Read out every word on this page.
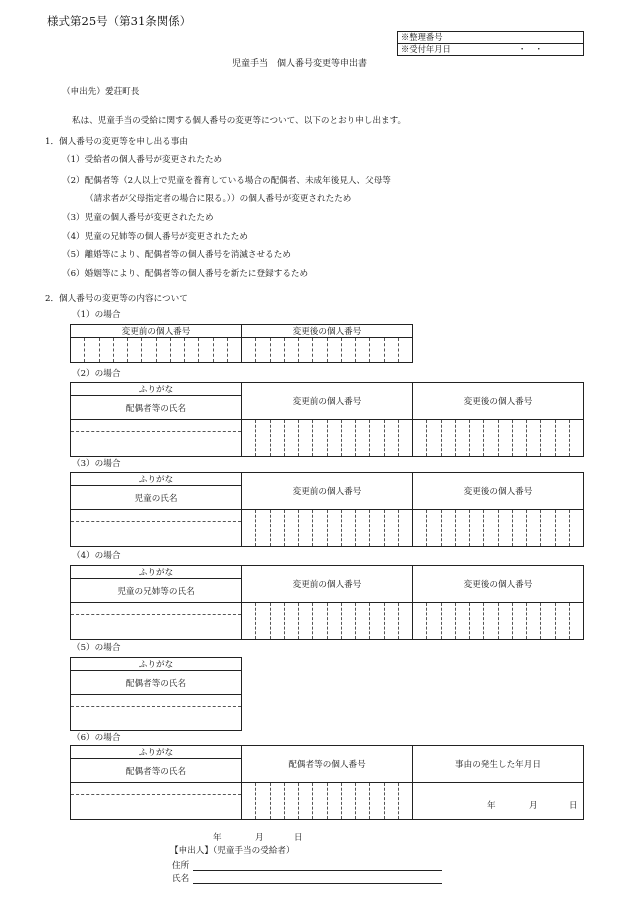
様式第25号（第31条関係）
※整理番号
※受付年月日	・　・
児童手当　個人番号変更等申出書
（申出先）愛荘町長
私は、児童手当の受給に関する個人番号の変更等について、以下のとおり申し出ます。
1．個人番号の変更等を申し出る事由
（1）受給者の個人番号が変更されたため
（2）配偶者等（2人以上で児童を養育している場合の配偶者、未成年後見人、父母等
（請求者が父母指定者の場合に限る。））の個人番号が変更されたため
（3）児童の個人番号が変更されたため
（4）児童の兄姉等の個人番号が変更されたため
（5）離婚等により、配偶者等の個人番号を消滅させるため
（6）婚姻等により、配偶者等の個人番号を新たに登録するため
2．個人番号の変更等の内容について
（1）の場合
変更前の個人番号	変更後の個人番号

（2）の場合
ふりがな	変更前の個人番号	変更後の個人番号
配偶者等の氏名		

（3）の場合
ふりがな	変更前の個人番号	変更後の個人番号
児童の氏名		

（4）の場合
ふりがな	変更前の個人番号	変更後の個人番号
児童の兄姉等の氏名		

（5）の場合
ふりがな
配偶者等の氏名

（6）の場合
ふりがな	配偶者等の個人番号	事由の発生した年月日
配偶者等の氏名		

		年 月 日

年	月	日
【申出人】（児童手当の受給者）
住所
氏名
